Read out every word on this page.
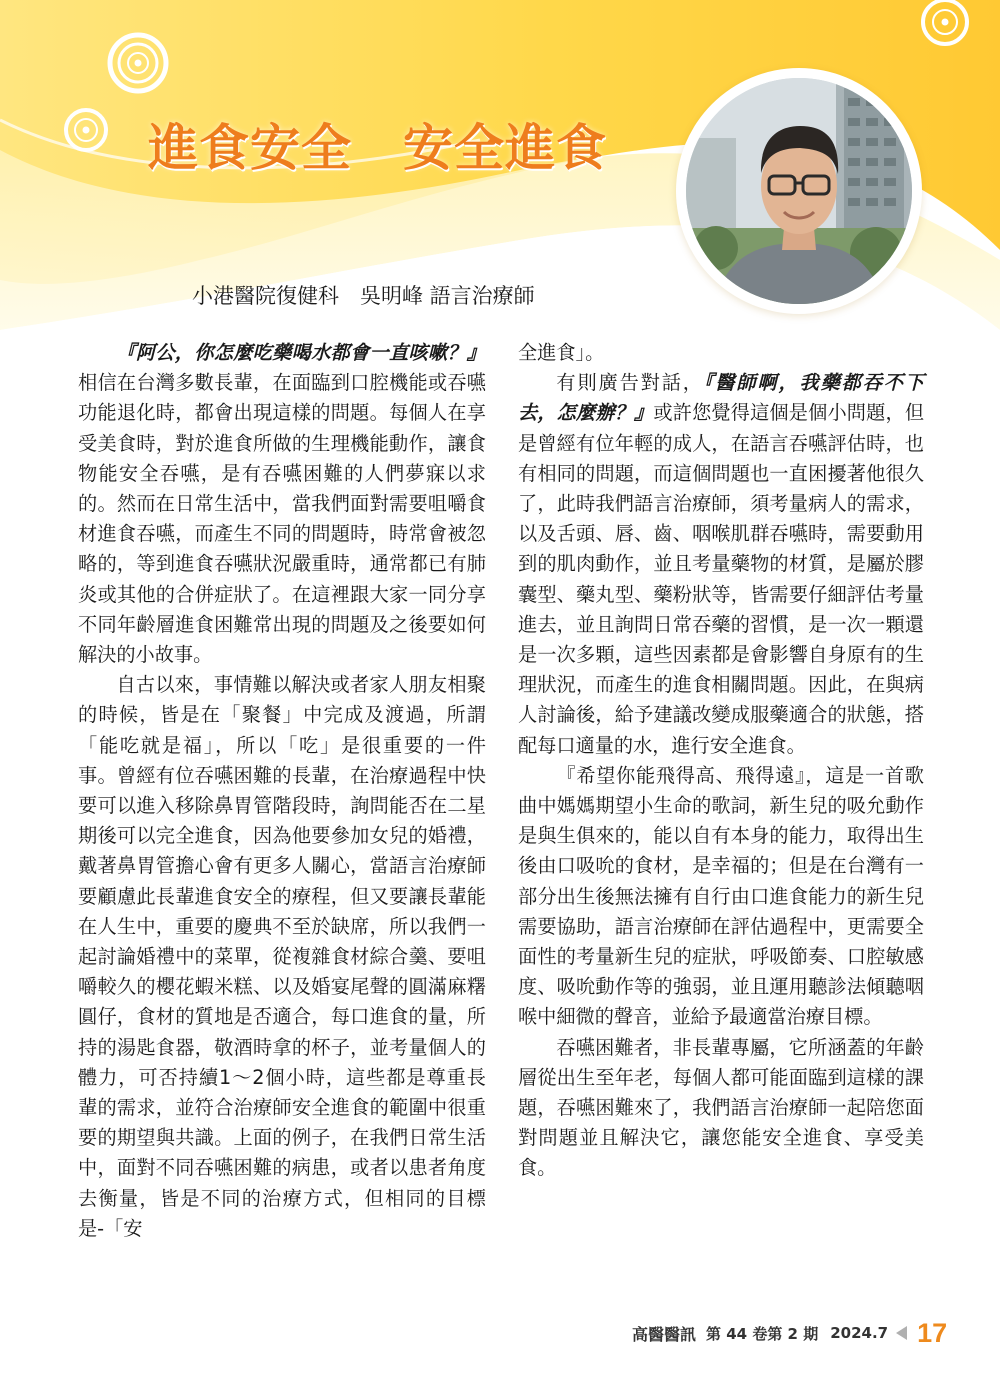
進食安全　安全進食
小港醫院復健科　吳明峰 語言治療師

『阿公，你怎麼吃藥喝水都會一直咳嗽？』相信在台灣多數長輩，在面臨到口腔機能或吞嚥功能退化時，都會出現這樣的問題。每個人在享受美食時，對於進食所做的生理機能動作，讓食物能安全吞嚥，是有吞嚥困難的人們夢寐以求的。然而在日常生活中，當我們面對需要咀嚼食材進食吞嚥，而產生不同的問題時，時常會被忽略的，等到進食吞嚥狀況嚴重時，通常都已有肺炎或其他的合併症狀了。在這裡跟大家一同分享不同年齡層進食困難常出現的問題及之後要如何解決的小故事。

自古以來，事情難以解決或者家人朋友相聚的時候，皆是在「聚餐」中完成及渡過，所謂「能吃就是福」，所以「吃」是很重要的一件事。曾經有位吞嚥困難的長輩，在治療過程中快要可以進入移除鼻胃管階段時，詢問能否在二星期後可以完全進食，因為他要參加女兒的婚禮，戴著鼻胃管擔心會有更多人關心，當語言治療師要顧慮此長輩進食安全的療程，但又要讓長輩能在人生中，重要的慶典不至於缺席，所以我們一起討論婚禮中的菜單，從複雜食材綜合羹、要咀嚼較久的櫻花蝦米糕、以及婚宴尾聲的圓滿麻糬圓仔，食材的質地是否適合，每口進食的量，所持的湯匙食器，敬酒時拿的杯子，並考量個人的體力，可否持續1～2個小時，這些都是尊重長輩的需求，並符合治療師安全進食的範圍中很重要的期望與共識。上面的例子，在我們日常生活中，面對不同吞嚥困難的病患，或者以患者角度去衡量，皆是不同的治療方式，但相同的目標是-「安

全進食」。

有則廣告對話，『醫師啊，我藥都吞不下去，怎麼辦？』或許您覺得這個是個小問題，但是曾經有位年輕的成人，在語言吞嚥評估時，也有相同的問題，而這個問題也一直困擾著他很久了，此時我們語言治療師，須考量病人的需求，以及舌頭、唇、齒、咽喉肌群吞嚥時，需要動用到的肌肉動作，並且考量藥物的材質，是屬於膠囊型、藥丸型、藥粉狀等，皆需要仔細評估考量進去，並且詢問日常吞藥的習慣，是一次一顆還是一次多顆，這些因素都是會影響自身原有的生理狀況，而產生的進食相關問題。因此，在與病人討論後，給予建議改變成服藥適合的狀態，搭配每口適量的水，進行安全進食。

『希望你能飛得高、飛得遠』，這是一首歌曲中媽媽期望小生命的歌詞，新生兒的吸允動作是與生俱來的，能以自有本身的能力，取得出生後由口吸吮的食材，是幸福的；但是在台灣有一部分出生後無法擁有自行由口進食能力的新生兒需要協助，語言治療師在評估過程中，更需要全面性的考量新生兒的症狀，呼吸節奏、口腔敏感度、吸吮動作等的強弱，並且運用聽診法傾聽咽喉中細微的聲音，並給予最適當治療目標。

吞嚥困難者，非長輩專屬，它所涵蓋的年齡層從出生至年老，每個人都可能面臨到這樣的課題，吞嚥困難來了，我們語言治療師一起陪您面對問題並且解決它，讓您能安全進食、享受美食。

高醫醫訊 第 44 卷第 2 期 2024.7 17
